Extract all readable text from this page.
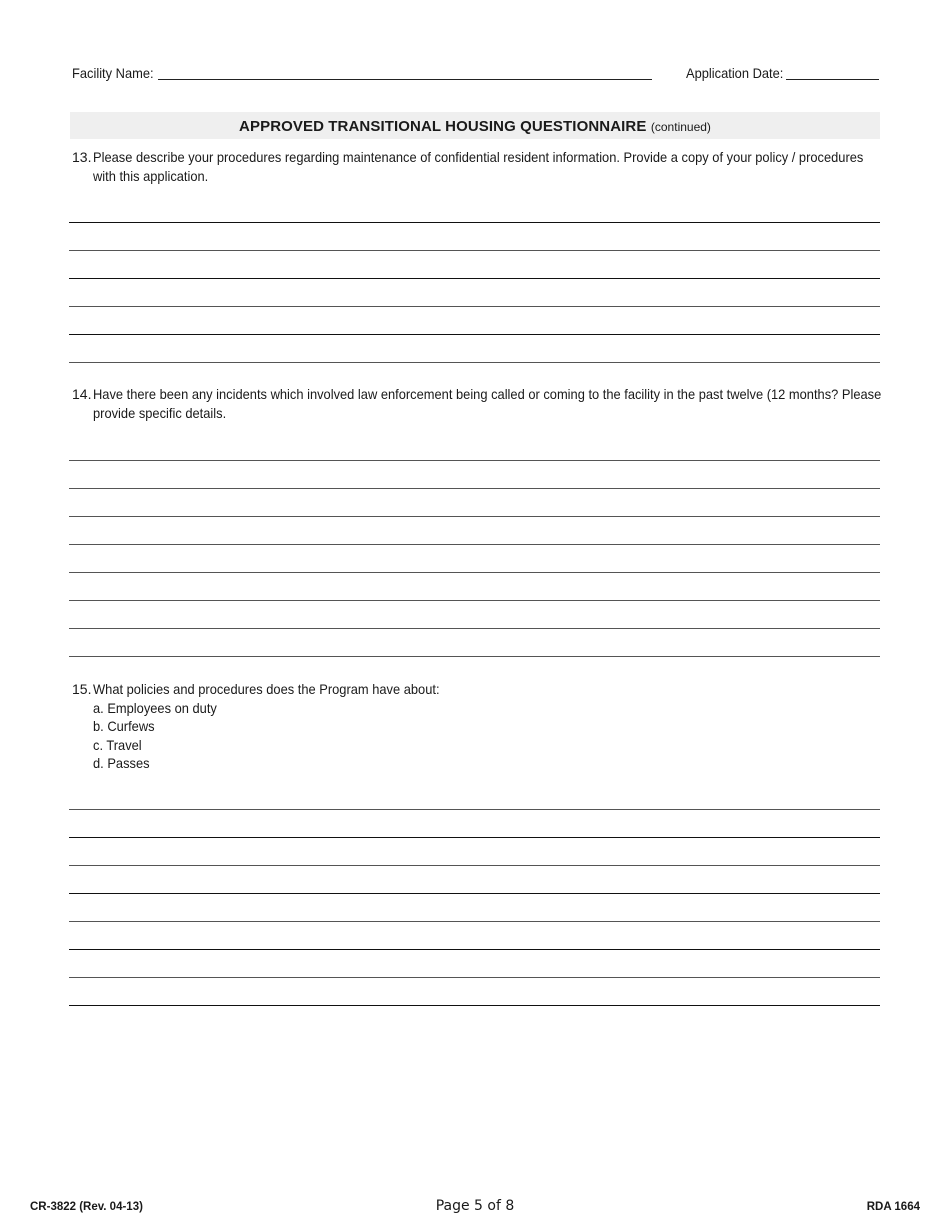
Facility Name:	Application Date:
APPROVED TRANSITIONAL HOUSING QUESTIONNAIRE (continued)
13. Please describe your procedures regarding maintenance of confidential resident information. Provide a copy of your policy / procedures with this application.
14. Have there been any incidents which involved law enforcement being called or coming to the facility in the past twelve (12 months? Please provide specific details.
15. What policies and procedures does the Program have about:
a. Employees on duty
b. Curfews
c. Travel
d. Passes
CR-3822 (Rev. 04-13)	Page 5 of 8	RDA 1664
